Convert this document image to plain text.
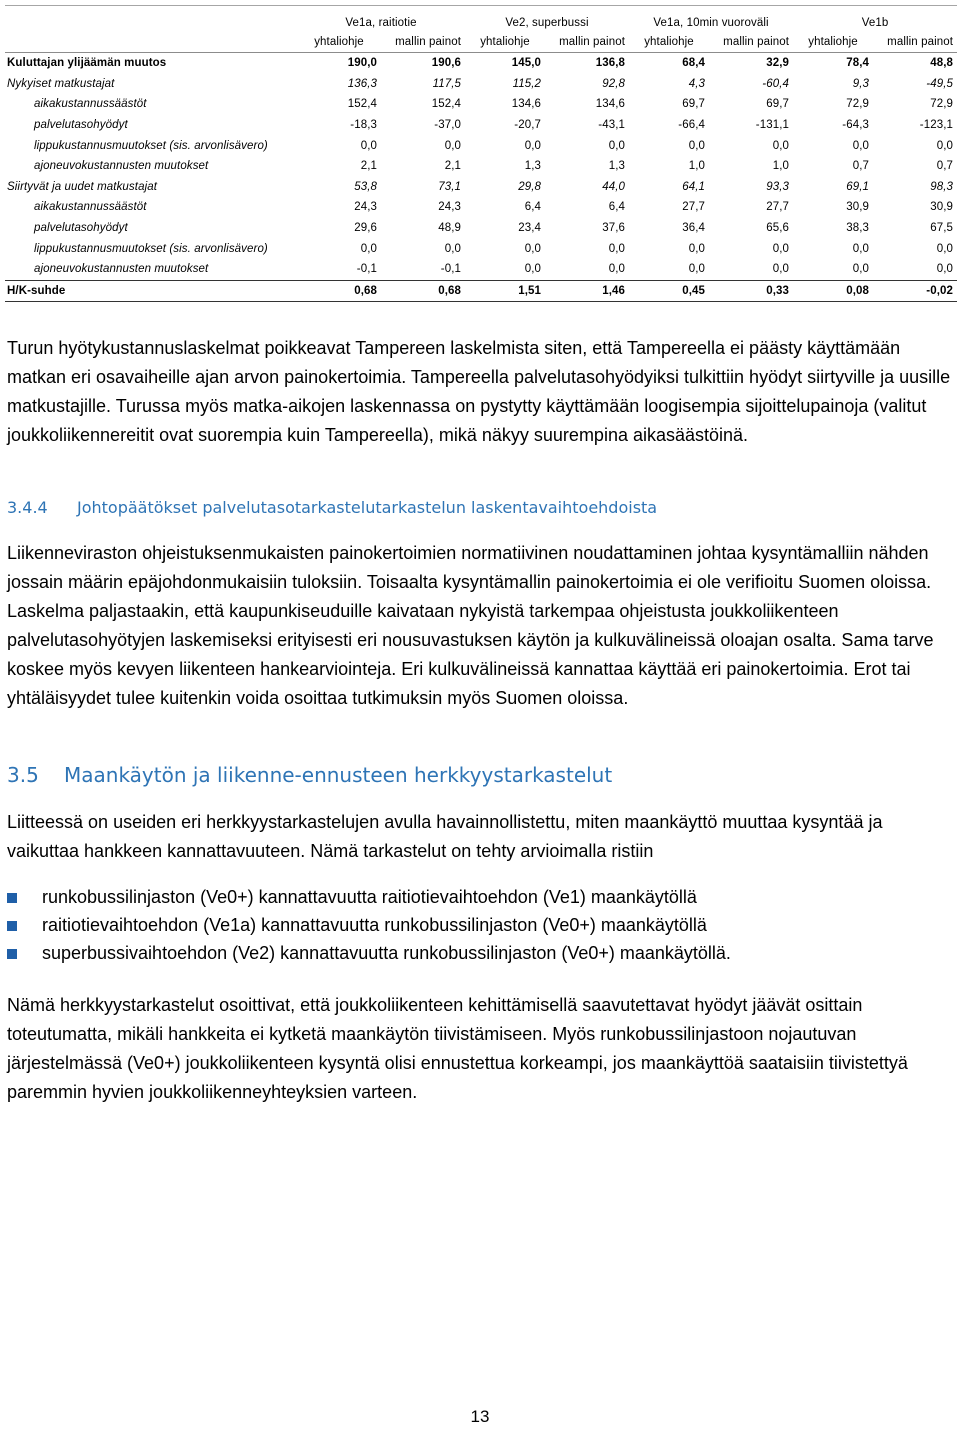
	Ve1a, raitiotie		Ve2, superbussi		Ve1a, 10min vuoroväli		Ve1b	
	yhtaliohje	mallin painot	yhtaliohje	mallin painot	yhtaliohje	mallin painot	yhtaliohje	mallin painot
Kuluttajan ylijäämän muutos	190,0	190,6	145,0	136,8	68,4	32,9	78,4	48,8
Nykyiset matkustajat	136,3	117,5	115,2	92,8	4,3	-60,4	9,3	-49,5
aikakustannussäästöt	152,4	152,4	134,6	134,6	69,7	69,7	72,9	72,9
palvelutasohyödyt	-18,3	-37,0	-20,7	-43,1	-66,4	-131,1	-64,3	-123,1
lippukustannusmuutokset (sis. arvonlisävero)	0,0	0,0	0,0	0,0	0,0	0,0	0,0	0,0
ajoneuvokustannusten muutokset	2,1	2,1	1,3	1,3	1,0	1,0	0,7	0,7
Siirtyvät ja uudet matkustajat	53,8	73,1	29,8	44,0	64,1	93,3	69,1	98,3
aikakustannussäästöt	24,3	24,3	6,4	6,4	27,7	27,7	30,9	30,9
palvelutasohyödyt	29,6	48,9	23,4	37,6	36,4	65,6	38,3	67,5
lippukustannusmuutokset (sis. arvonlisävero)	0,0	0,0	0,0	0,0	0,0	0,0	0,0	0,0
ajoneuvokustannusten muutokset	-0,1	-0,1	0,0	0,0	0,0	0,0	0,0	0,0
H/K-suhde	0,68	0,68	1,51	1,46	0,45	0,33	0,08	-0,02

Turun hyötykustannuslaskelmat poikkeavat Tampereen laskelmista siten, että Tampereella ei päästy käyttämään matkan eri osavaiheille ajan arvon painokertoimia. Tampereella palvelutasohyödyiksi tulkittiin hyödyt siirtyville ja uusille matkustajille. Turussa myös matka-aikojen laskennassa on pystytty käyttämään loogisempia sijoittelupainoja (valitut joukkoliikennereitit ovat suorempia kuin Tampereella), mikä näkyy suurempina aikasäästöinä.

3.4.4 Johtopäätökset palvelutasotarkastelutarkastelun laskentavaihtoehdoista

Liikenneviraston ohjeistuksenmukaisten painokertoimien normatiivinen noudattaminen johtaa kysyntämalliin nähden jossain määrin epäjohdonmukaisiin tuloksiin. Toisaalta kysyntämallin painokertoimia ei ole verifioitu Suomen oloissa. Laskelma paljastaakin, että kaupunkiseuduille kaivataan nykyistä tarkempaa ohjeistusta joukkoliikenteen palvelutasohyötyjen laskemiseksi erityisesti eri nousuvastuksen käytön ja kulkuvälineissä oloajan osalta. Sama tarve koskee myös kevyen liikenteen hankearviointeja. Eri kulkuvälineissä kannattaa käyttää eri painokertoimia. Erot tai yhtäläisyydet tulee kuitenkin voida osoittaa tutkimuksin myös Suomen oloissa.

3.5 Maankäytön ja liikenne-ennusteen herkkyystarkastelut

Liitteessä on useiden eri herkkyystarkastelujen avulla havainnollistettu, miten maankäyttö muuttaa kysyntää ja vaikuttaa hankkeen kannattavuuteen. Nämä tarkastelut on tehty arvioimalla ristiin

runkobussilinjaston (Ve0+) kannattavuutta raitiotievaihtoehdon (Ve1) maankäytöllä
raitiotievaihtoehdon (Ve1a) kannattavuutta runkobussilinjaston (Ve0+) maankäytöllä
superbussivaihtoehdon (Ve2) kannattavuutta runkobussilinjaston (Ve0+) maankäytöllä.

Nämä herkkyystarkastelut osoittivat, että joukkoliikenteen kehittämisellä saavutettavat hyödyt jäävät osittain toteutumatta, mikäli hankkeita ei kytketä maankäytön tiivistämiseen. Myös runkobussilinjastoon nojautuvan järjestelmässä (Ve0+) joukkoliikenteen kysyntä olisi ennustettua korkeampi, jos maankäyttöä saataisiin tiivistettyä paremmin hyvien joukkoliikenneyhteyksien varteen.

13
